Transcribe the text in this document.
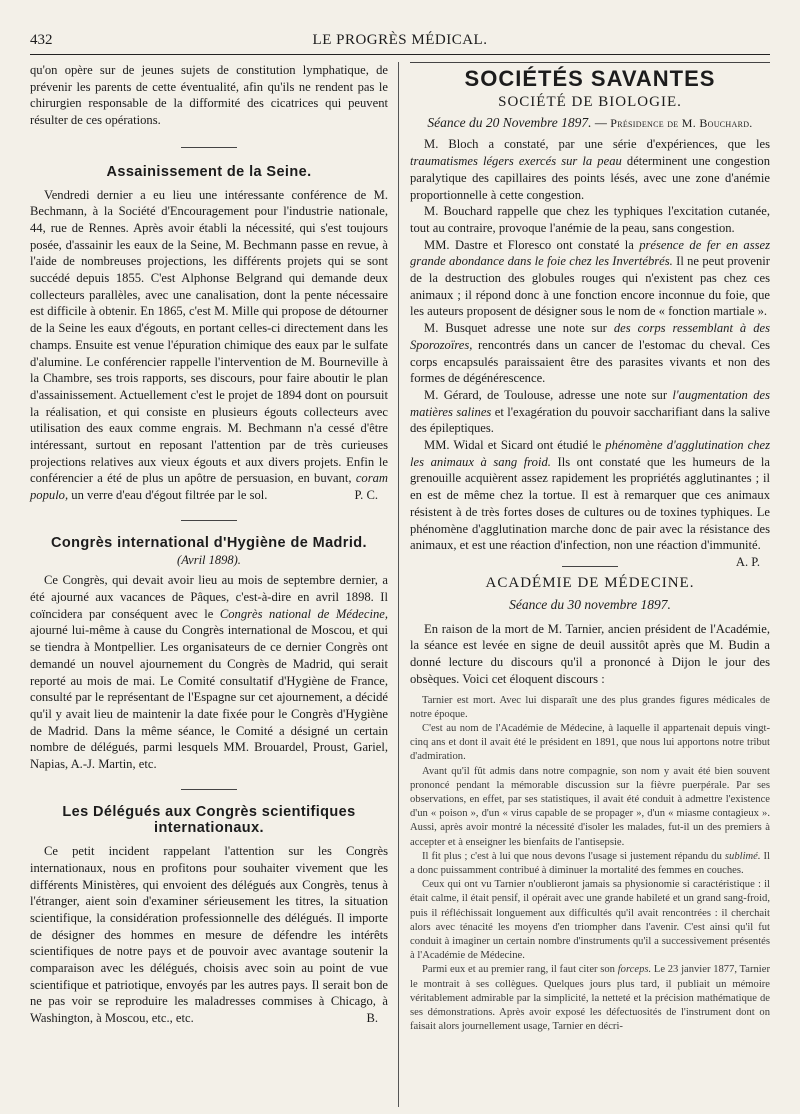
432	LE PROGRÈS MÉDICAL.

qu'on opère sur de jeunes sujets de constitution lymphatique, de prévenir les parents de cette éventualité, afin qu'ils ne rendent pas le chirurgien responsable de la difformité des cicatrices qui peuvent résulter de ces opérations.

Assainissement de la Seine.

Vendredi dernier a eu lieu une intéressante conférence de M. Bechmann, à la Société d'Encouragement pour l'industrie nationale, 44, rue de Rennes. Après avoir établi la nécessité, qui s'est toujours posée, d'assainir les eaux de la Seine, M. Bechmann passe en revue, à l'aide de nombreuses projections, les différents projets qui se sont succédé depuis 1855. C'est Alphonse Belgrand qui demande deux collecteurs parallèles, avec une canalisation, dont la pente nécessaire est difficile à obtenir. En 1865, c'est M. Mille qui propose de détourner de la Seine les eaux d'égouts, en portant celles-ci directement dans les champs. Ensuite est venue l'épuration chimique des eaux par le sulfate d'alumine. Le conférencier rappelle l'intervention de M. Bourneville à la Chambre, ses trois rapports, ses discours, pour faire aboutir le plan d'assainissement. Actuellement c'est le projet de 1894 dont on poursuit la réalisation, et qui consiste en plusieurs égouts collecteurs avec utilisation des eaux comme engrais. M. Bechmann n'a cessé d'être intéressant, surtout en reposant l'attention par de très curieuses projections relatives aux vieux égouts et aux divers projets. Enfin le conférencier a été de plus un apôtre de persuasion, en buvant, coram populo, un verre d'eau d'égout filtrée par le sol.	P. C.

Congrès international d'Hygiène de Madrid.
(Avril 1898).

Ce Congrès, qui devait avoir lieu au mois de septembre dernier, a été ajourné aux vacances de Pâques, c'est-à-dire en avril 1898. Il coïncidera par conséquent avec le Congrès national de Médecine, ajourné lui-même à cause du Congrès international de Moscou, et qui se tiendra à Montpellier. Les organisateurs de ce dernier Congrès ont demandé un nouvel ajournement du Congrès de Madrid, qui serait reporté au mois de mai. Le Comité consultatif d'Hygiène de France, consulté par le représentant de l'Espagne sur cet ajournement, a décidé qu'il y avait lieu de maintenir la date fixée pour le Congrès d'Hygiène de Madrid. Dans la même séance, le Comité a désigné un certain nombre de délégués, parmi lesquels MM. Brouardel, Proust, Gariel, Napias, A.-J. Martin, etc.

Les Délégués aux Congrès scientifiques internationaux.

Ce petit incident rappelant l'attention sur les Congrès internationaux, nous en profitons pour souhaiter vivement que les différents Ministères, qui envoient des délégués aux Congrès, tenus à l'étranger, aient soin d'examiner sérieusement les titres, la situation scientifique, la considération professionnelle des délégués. Il importe de désigner des hommes en mesure de défendre les intérêts scientifiques de notre pays et de pouvoir avec avantage soutenir la comparaison avec les délégués, choisis avec soin au point de vue scientifique et patriotique, envoyés par les autres pays. Il serait bon de ne pas voir se reproduire les maladresses commises à Chicago, à Washington, à Moscou, etc., etc.	B.

SOCIÉTÉS SAVANTES
SOCIÉTÉ DE BIOLOGIE.
Séance du 20 Novembre 1897. — Présidence de M. Bouchard.

M. Bloch a constaté, par une série d'expériences, que les traumatismes légers exercés sur la peau déterminent une congestion paralytique des capillaires des points lésés, avec une zone d'anémie proportionnelle à cette congestion.

M. Bouchard rappelle que chez les typhiques l'excitation cutanée, tout au contraire, provoque l'anémie de la peau, sans congestion.

MM. Dastre et Floresco ont constaté la présence de fer en assez grande abondance dans le foie chez les Invertébrés. Il ne peut provenir de la destruction des globules rouges qui n'existent pas chez ces animaux ; il répond donc à une fonction encore inconnue du foie, que les auteurs proposent de désigner sous le nom de « fonction martiale ».

M. Busquet adresse une note sur des corps ressemblant à des Sporozoïres, rencontrés dans un cancer de l'estomac du cheval. Ces corps encapsulés paraissaient être des parasites vivants et non des formes de dégénérescence.

M. Gérard, de Toulouse, adresse une note sur l'augmentation des matières salines et l'exagération du pouvoir saccharifiant dans la salive des épileptiques.

MM. Widal et Sicard ont étudié le phénomène d'agglutination chez les animaux à sang froid. Ils ont constaté que les humeurs de la grenouille acquièrent assez rapidement les propriétés agglutinantes ; il en est de même chez la tortue. Il est à remarquer que ces animaux résistent à de très fortes doses de cultures ou de toxines typhiques. Le phénomène d'agglutination marche donc de pair avec la résistance des animaux, et est une réaction d'infection, non une réaction d'immunité.
A. P.

ACADÉMIE DE MÉDECINE.
Séance du 30 novembre 1897.

En raison de la mort de M. Tarnier, ancien président de l'Académie, la séance est levée en signe de deuil aussitôt après que M. Budin a donné lecture du discours qu'il a prononcé à Dijon le jour des obsèques. Voici cet éloquent discours :

Tarnier est mort. Avec lui disparaît une des plus grandes figures médicales de notre époque.

C'est au nom de l'Académie de Médecine, à laquelle il appartenait depuis vingt-cinq ans et dont il avait été le président en 1891, que nous lui apportons notre tribut d'admiration.

Avant qu'il fût admis dans notre compagnie, son nom y avait été bien souvent prononcé pendant la mémorable discussion sur la fièvre puerpérale. Par ses observations, en effet, par ses statistiques, il avait été conduit à admettre l'existence d'un « poison », d'un « virus capable de se propager », d'un « miasme contagieux ». Aussi, après avoir montré la nécessité d'isoler les malades, fut-il un des premiers à accepter et à enseigner les bienfaits de l'antisepsie.

Il fit plus ; c'est à lui que nous devons l'usage si justement répandu du sublimé. Il a donc puissamment contribué à diminuer la mortalité des femmes en couches.

Ceux qui ont vu Tarnier n'oublieront jamais sa physionomie si caractéristique : il était calme, il était pensif, il opérait avec une grande habileté et un grand sang-froid, puis il réfléchissait longuement aux difficultés qu'il avait rencontrées : il cherchait alors avec ténacité les moyens d'en triompher dans l'avenir. C'est ainsi qu'il fut conduit à imaginer un certain nombre d'instruments qu'il a successivement présentés à l'Académie de Médecine.

Parmi eux et au premier rang, il faut citer son forceps. Le 23 janvier 1877, Tarnier le montrait à ses collègues. Quelques jours plus tard, il publiait un mémoire véritablement admirable par la simplicité, la netteté et la précision mathématique de ses démonstrations. Après avoir exposé les défectuosités de l'instrument dont on faisait alors journellement usage, Tarnier en décri-
